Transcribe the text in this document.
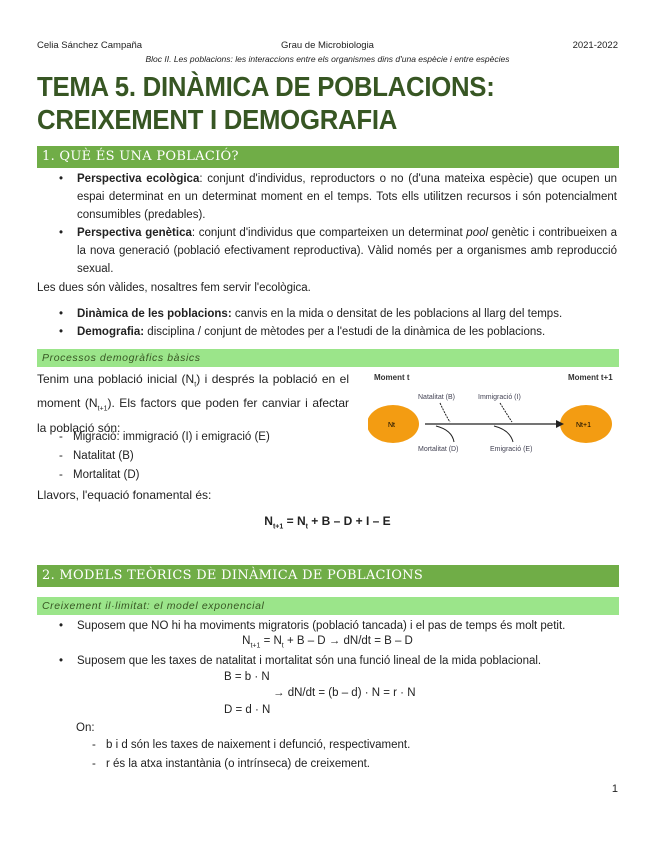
Celia Sánchez Campaña	Grau de Microbiologia	2021-2022
Bloc II. Les poblacions: les interaccions entre els organismes dins d'una espècie i entre espècies
TEMA 5. DINÀMICA DE POBLACIONS: CREIXEMENT I DEMOGRAFIA
1. QUÈ ÉS UNA POBLACIÓ?
• Perspectiva ecològica: conjunt d'individus, reproductors o no (d'una mateixa espècie) que ocupen un espai determinat en un determinat moment en el temps. Tots ells utilitzen recursos i són potencialment consumibles (predables).
• Perspectiva genètica: conjunt d'individus que comparteixen un determinat pool genètic i contribueixen a la nova generació (població efectivament reproductiva). Vàlid només per a organismes amb reproducció sexual.
Les dues són vàlides, nosaltres fem servir l'ecològica.
• Dinàmica de les poblacions: canvis en la mida o densitat de les poblacions al llarg del temps.
• Demografia: disciplina / conjunt de mètodes per a l'estudi de la dinàmica de les poblacions.
Processos demogràfics bàsics
Tenim una població inicial $(N_t)$ i després la població en el moment $(N_{t+1})$. Els factors que poden fer canviar i afectar la població són:
- Migració: immigració (I) i emigració (E)
- Natalitat (B)
- Mortalitat (D)
Moment t	Moment t+1
Nt	Nt+1
Natalitat (B)	Immigració (I)
Mortalitat (D)	Emigració (E)
Llavors, l'equació fonamental és:
$N_{t+1} = N_t + B - D + I - E$
2. MODELS TEÒRICS DE DINÀMICA DE POBLACIONS
Creixement il·limitat: el model exponencial
• Suposem que NO hi ha moviments migratoris (població tancada) i el pas de temps és molt petit.
$N_{t+1} = N_t + B - D \to dN/dt = B - D$
• Suposem que les taxes de natalitat i mortalitat són una funció lineal de la mida poblacional.
B = b · N
→ dN/dt = (b – d) · N = r · N
D = d · N
On:
- b i d són les taxes de naixement i defunció, respectivament.
- r és la atxa instantània (o intrínseca) de creixement.
1
